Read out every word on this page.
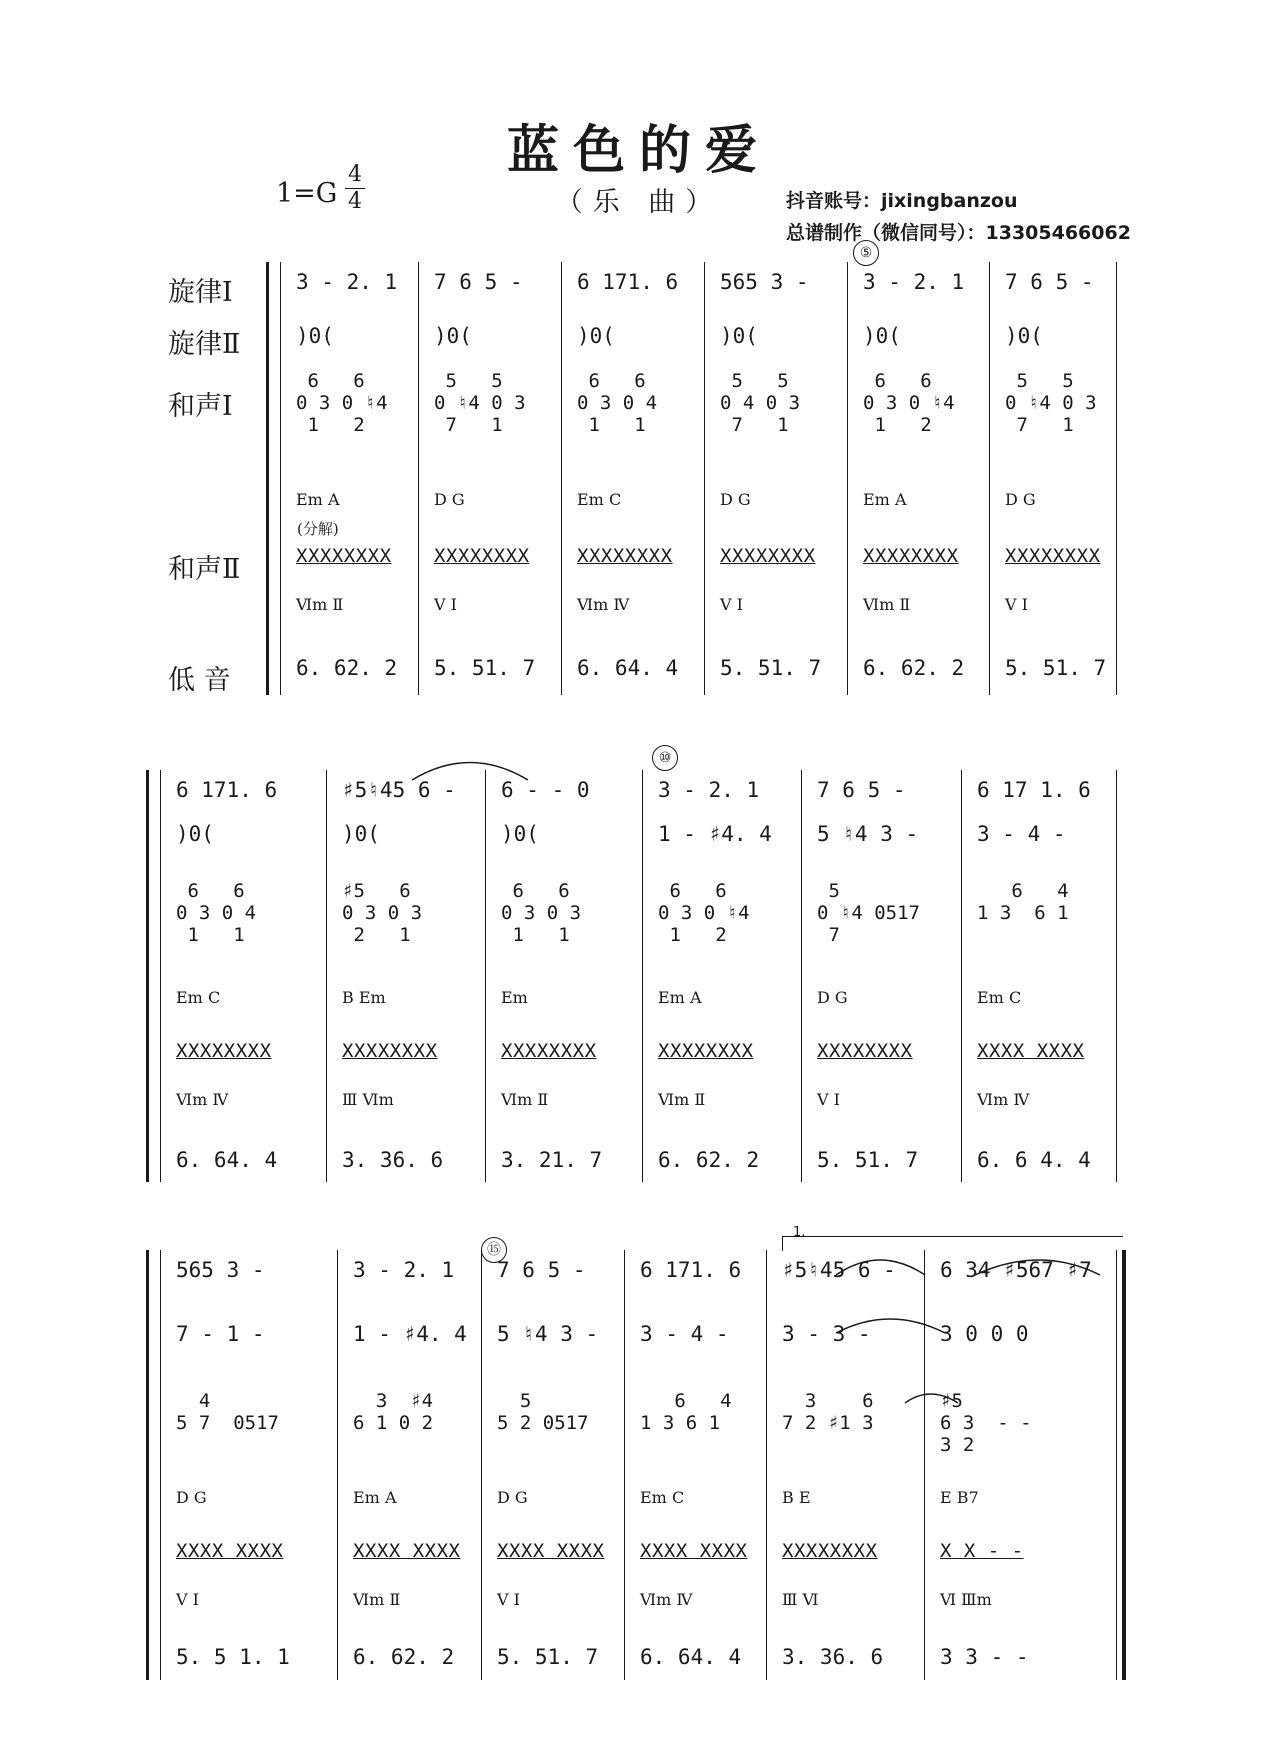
蓝色的爱
（乐 曲）
1=G
4
4	抖音账号：jixingbanzou
总谱制作（微信同号）：13305466062
旋律Ⅰ
旋律Ⅱ
和声Ⅰ
和声Ⅱ
低 音
⑤
⑩
⑮
1.
(分解)
3 - 2. 1
)0(
6   6
0 3 0 ♮4
1   2
Em A
XXXXXXXX
Ⅵm Ⅱ
6. 62. 2
7 6 5 -
)0(
5   5
0 ♮4 0 3
7   1
D G
XXXXXXXX
Ⅴ Ⅰ
5. 51. 7
6 171. 6
)0(
6   6
0 3 0 4
1   1
Em C
XXXXXXXX
Ⅵm Ⅳ
6. 64. 4
565 3 -
)0(
5   5
0 4 0 3
7   1
D G
XXXXXXXX
Ⅴ Ⅰ
5. 51. 7
3 - 2. 1
)0(
6   6
0 3 0 ♮4
1   2
Em A
XXXXXXXX
Ⅵm Ⅱ
6. 62. 2
7 6 5 -
)0(
5   5
0 ♮4 0 3
7   1
D G
XXXXXXXX
Ⅴ Ⅰ
5. 51. 7
6 171. 6
)0(
6   6
0 3 0 4
1   1
Em C
XXXXXXXX
Ⅵm Ⅳ
6. 64. 4
♯5♮45 6 -
)0(
♯5   6
0 3 0 3
2   1
B Em
XXXXXXXX
Ⅲ Ⅵm
3. 36. 6
6 - - 0
)0(
6   6
0 3 0 3
1   1
Em
XXXXXXXX
Ⅵm Ⅱ
3. 21. 7
3 - 2. 1
1 - ♯4. 4
6   6
0 3 0 ♮4
1   2
Em A
XXXXXXXX
Ⅵm Ⅱ
6. 62. 2
7 6 5 -
5 ♮4 3 -
5
0 ♮4 0517
7
D G
XXXXXXXX
Ⅴ Ⅰ
5. 51. 7
6 17 1. 6
3 - 4 -
6   4
1 3  6 1
Em C
XXXX XXXX
Ⅵm Ⅳ
6. 6 4. 4
565 3 -
7 - 1 -
4
5 7  0517
D G
XXXX XXXX
Ⅴ Ⅰ
5. 5 1. 1
3 - 2. 1
1 - ♯4. 4
3  ♯4
6 1 0 2
Em A
XXXX XXXX
Ⅵm Ⅱ
6. 62. 2
7 6 5 -
5 ♮4 3 -
5
5 2 0517
D G
XXXX XXXX
Ⅴ Ⅰ
5. 51. 7
6 171. 6
3 - 4 -
6   4
1 3 6 1
Em C
XXXX XXXX
Ⅵm Ⅳ
6. 64. 4
♯5♮45 6 -
3 - 3 -
3    6
7 2 ♯1 3
B E
XXXXXXXX
Ⅲ Ⅵ
3. 36. 6
6 34 ♯567 ♯7
3 0 0 0
♯5
6 3  - -
3 2
E B7
X X - -
Ⅵ Ⅲm
3 3 - -
